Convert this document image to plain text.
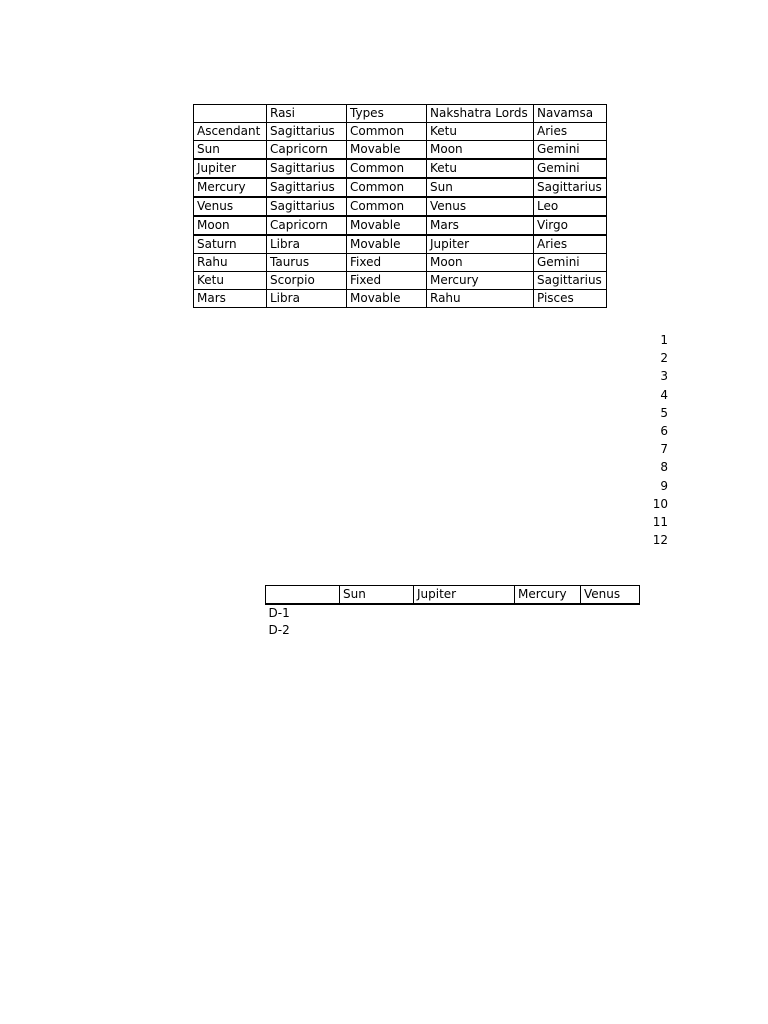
	Rasi	Types	Nakshatra Lords	Navamsa
Ascendant	Sagittarius	Common	Ketu	Aries
Sun	Capricorn	Movable	Moon	Gemini
Jupiter	Sagittarius	Common	Ketu	Gemini
Mercury	Sagittarius	Common	Sun	Sagittarius
Venus	Sagittarius	Common	Venus	Leo
Moon	Capricorn	Movable	Mars	Virgo
Saturn	Libra	Movable	Jupiter	Aries
Rahu	Taurus	Fixed	Moon	Gemini
Ketu	Scorpio	Fixed	Mercury	Sagittarius
Mars	Libra	Movable	Rahu	Pisces
1
2
3
4
5
6
7
8
9
10
11
12
	Sun	Jupiter	Mercury	Venus
D-1				
D-2				
